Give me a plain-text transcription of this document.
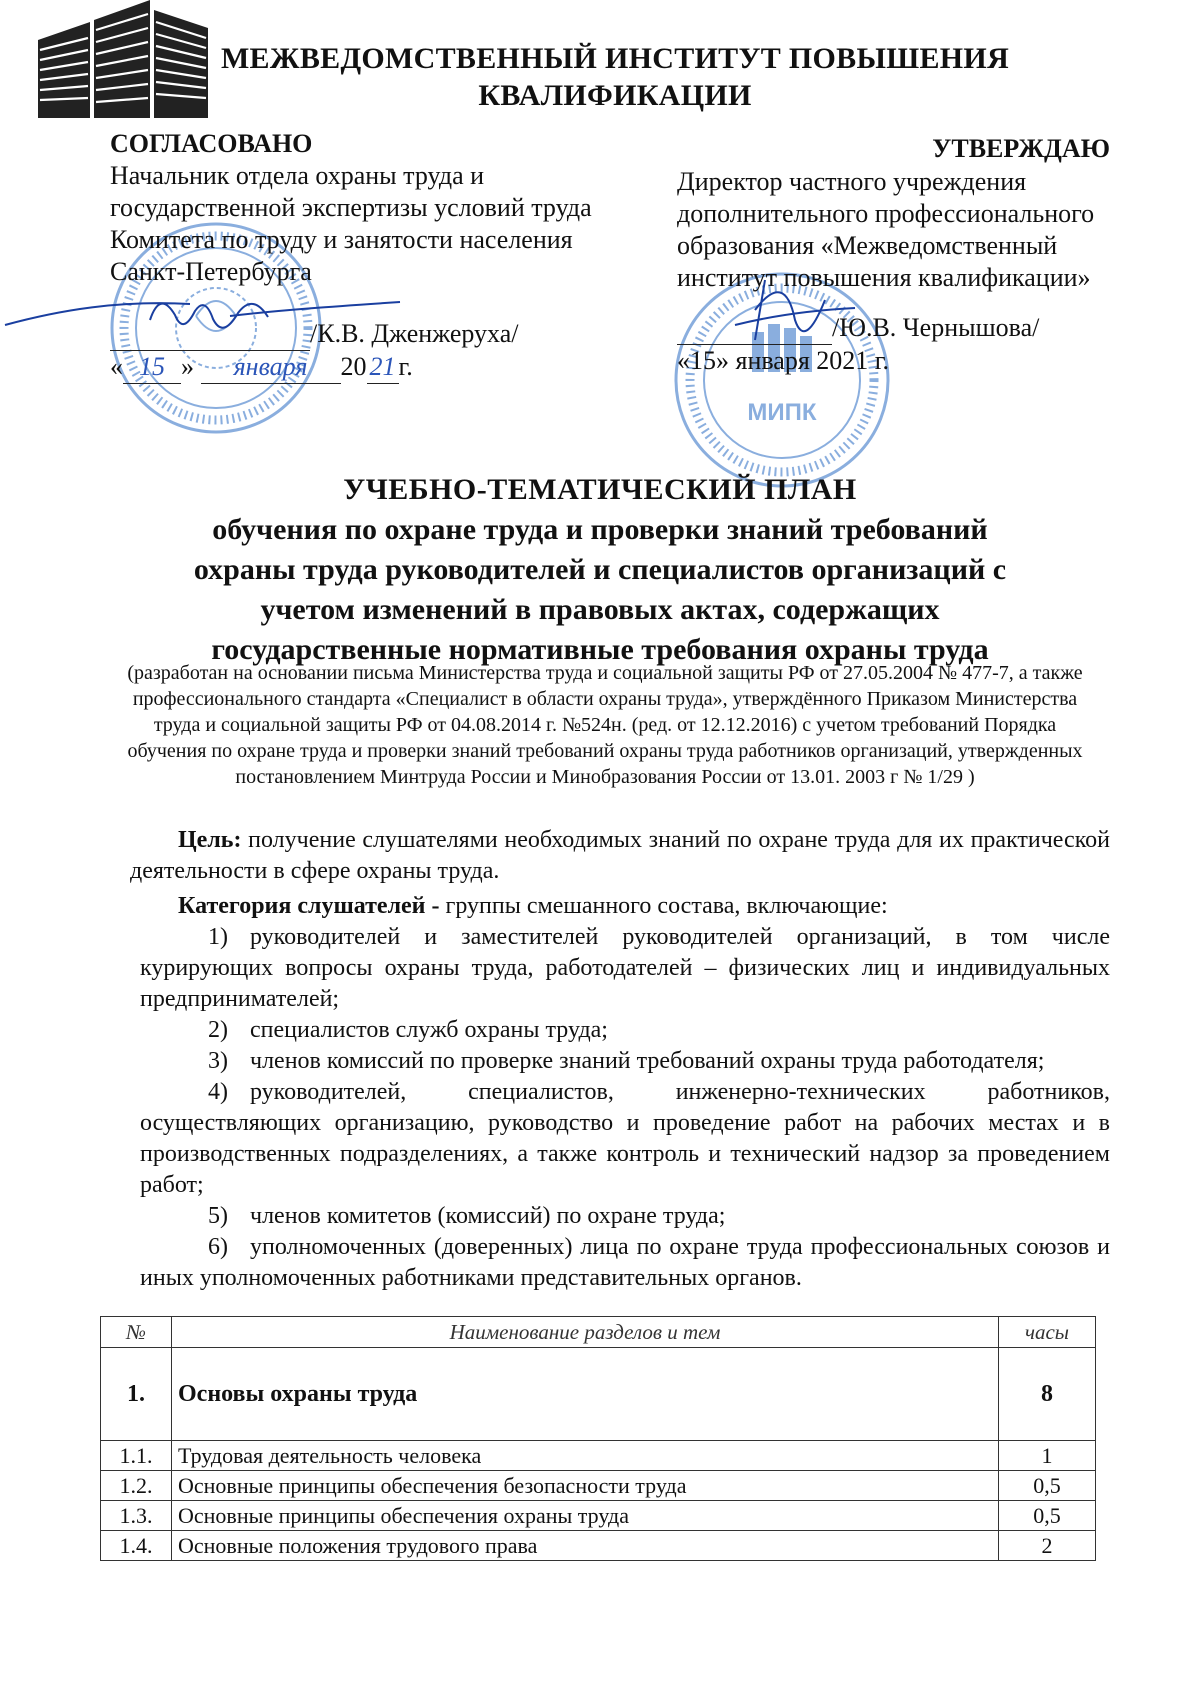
МЕЖВЕДОМСТВЕННЫЙ ИНСТИТУТ ПОВЫШЕНИЯ КВАЛИФИКАЦИИ
МИПК
СОГЛАСОВАНО
Начальник отдела охраны труда и
государственной экспертизы условий труда
Комитета по труду и занятости населения
Санкт-Петербурга
/К.В. Дженжеруха/
« 15 » января 20 21 г.
УТВЕРЖДАЮ
Директор частного учреждения
дополнительного профессионального
образования «Межведомственный
институт повышения квалификации»
/Ю.В. Чернышова/
«15» января 2021 г.
УЧЕБНО-ТЕМАТИЧЕСКИЙ ПЛАН
обучения по охране труда и проверки знаний требований
охраны труда руководителей и специалистов организаций с
учетом изменений в правовых актах, содержащих
государственные нормативные требования охраны труда
(разработан на основании письма Министерства труда и социальной защиты РФ от 27.05.2004 № 477-7, а также
профессионального стандарта «Специалист в области охраны труда», утверждённого Приказом Министерства
труда и социальной защиты РФ от 04.08.2014 г. №524н. (ред. от 12.12.2016) с учетом требований Порядка
обучения по охране труда и проверки знаний требований охраны труда работников организаций, утвержденных
постановлением Минтруда России и Минобразования России от 13.01. 2003 г № 1/29 )

Цель: получение слушателями необходимых знаний по охране труда для их практической деятельности в сфере охраны труда.

Категория слушателей - группы смешанного состава, включающие:

1) руководителей и заместителей руководителей организаций, в том числе курирующих вопросы охраны труда, работодателей – физических лиц и индивидуальных предпринимателей;

2) специалистов служб охраны труда;

3) членов комиссий по проверке знаний требований охраны труда работодателя;

4) руководителей, специалистов, инженерно-технических работников, осуществляющих организацию, руководство и проведение работ на рабочих местах и в производственных подразделениях, а также контроль и технический надзор за проведением работ;

5) членов комитетов (комиссий) по охране труда;

6) уполномоченных (доверенных) лица по охране труда профессиональных союзов и иных уполномоченных работниками представительных органов.

№	Наименование разделов и тем	часы
1.	Основы охраны труда	8
1.1.	Трудовая деятельность человека	1
1.2.	Основные принципы обеспечения безопасности труда	0,5
1.3.	Основные принципы обеспечения охраны труда	0,5
1.4.	Основные положения трудового права	2
